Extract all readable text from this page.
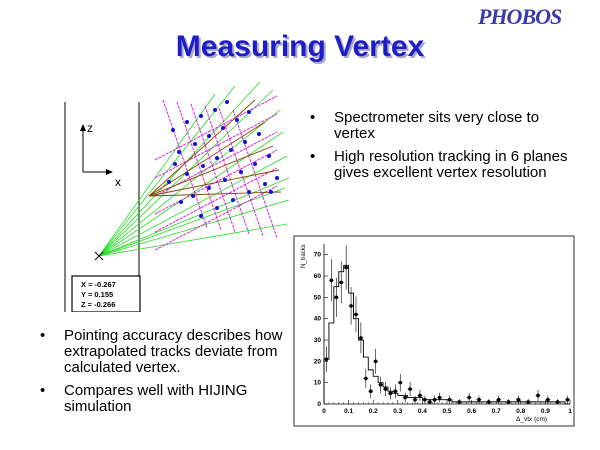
PHOBOS
Measuring Vertex
z
x
X = -0.267
Y = 0.155
Z = -0.266
• Spectrometer sits very close to vertex
• High resolution tracking in 6 planes gives excellent vertex resolution
0	0.1 0.2 0.3 0.4 0.5 0.6 0.7 0.8 0.9	1
0
10
20
30
40
50
60
70
N_tracks
Δ_vtx (cm)
• Pointing accuracy describes how extrapolated tracks deviate from calculated vertex.
• Compares well with HIJING simulation
